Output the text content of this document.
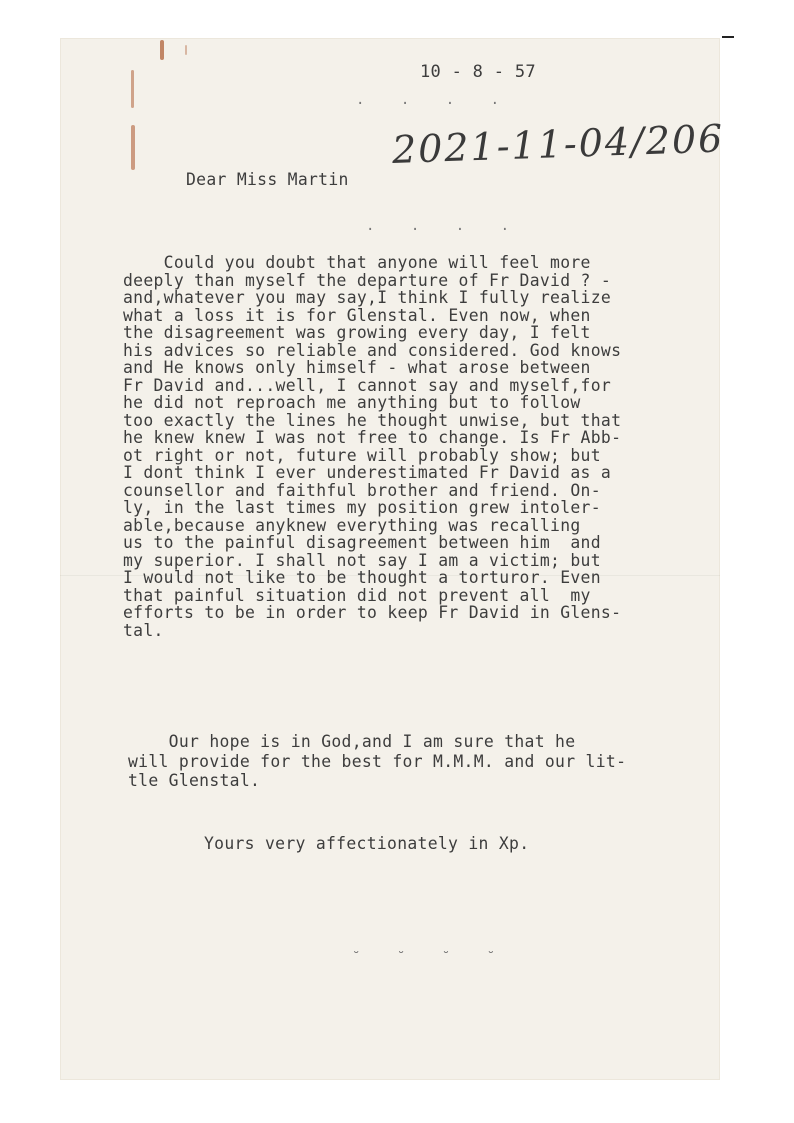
10 - 8 - 57
. . . .
2021-11-04/206
Dear Miss Martin
. . . .
Could you doubt that anyone will feel more
deeply than myself the departure of Fr David ? -
and,whatever you may say,I think I fully realize
what a loss it is for Glenstal. Even now, when
the disagreement was growing every day, I felt
his advices so reliable and considered. God knows
and He knows only himself - what arose between
Fr David and...well, I cannot say and myself,for
he did not reproach me anything but to follow
too exactly the lines he thought unwise, but that
he knew knew I was not free to change. Is Fr Abb-
ot right or not, future will probably show; but
I dont think I ever underestimated Fr David as a
counsellor and faithful brother and friend. On-
ly, in the last times my position grew intoler-
able,because anyknew everything was recalling
us to the painful disagreement between him  and
my superior. I shall not say I am a victim; but
I would not like to be thought a torturor. Even
that painful situation did not prevent all  my
efforts to be in order to keep Fr David in Glens-
tal.
Our hope is in God,and I am sure that he
will provide for the best for M.M.M. and our lit-
tle Glenstal.
Yours very affectionately in Xp.
˘ ˘ ˘ ˘
